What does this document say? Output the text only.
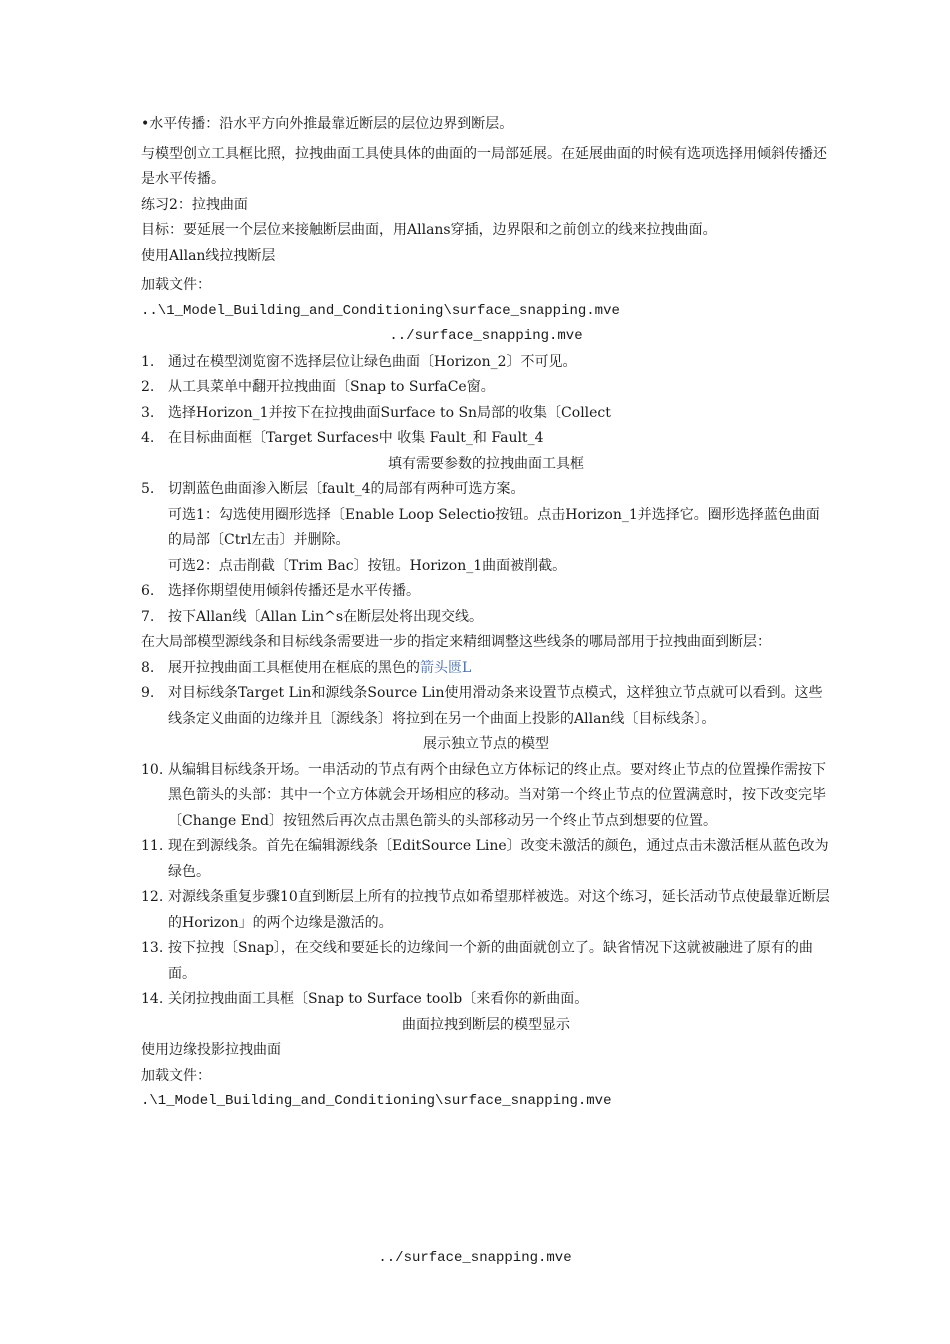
•水平传播：沿水平方向外推最靠近断层的层位边界到断层。

与模型创立工具框比照，拉拽曲面工具使具体的曲面的一局部延展。在延展曲面的时候有选项选择用倾斜传播还是水平传播。

练习2：拉拽曲面

目标：要延展一个层位来接触断层曲面，用Allans穿插，边界限和之前创立的线来拉拽曲面。

使用Allan线拉拽断层

加载文件：

..\1_Model_Building_and_Conditioning\surface_snapping.mve

../surface_snapping.mve

1. 通过在模型浏览窗不选择层位让绿色曲面〔Horizon_2〕不可见。
2. 从工具菜单中翻开拉拽曲面〔Snap to SurfaCe窗。
3. 选择Horizon_1并按下在拉拽曲面Surface to Sn局部的收集〔Collect
4. 在目标曲面框〔Target Surfaces中 收集 Fault_和 Fault_4

填有需要参数的拉拽曲面工具框

5. 切割蓝色曲面渗入断层〔fault_4的局部有两种可选方案。

可选1：勾选使用圈形选择〔Enable Loop Selectio按钮。点击Horizon_1并选择它。圈形选择蓝色曲面的局部〔Ctrl左击〕并删除。

可选2：点击削截〔Trim Bac〕按钮。Horizon_1曲面被削截。

6. 选择你期望使用倾斜传播还是水平传播。
7. 按下Allan线〔Allan Lin^s在断层处将出现交线。

在大局部模型源线条和目标线条需要进一步的指定来精细调整这些线条的哪局部用于拉拽曲面到断层：

8. 展开拉拽曲面工具框使用在框底的黑色的箭头匮L
9. 对目标线条Target Lin和源线条Source Lin使用滑动条来设置节点模式，这样独立节点就可以看到。这些线条定义曲面的边缘并且〔源线条〕将拉到在另一个曲面上投影的Allan线〔目标线条〕。

展示独立节点的模型

10. 从编辑目标线条开场。一串活动的节点有两个由绿色立方体标记的终止点。要对终止节点的位置操作需按下黑色箭头的头部：其中一个立方体就会开场相应的移动。当对第一个终止节点的位置满意时，按下改变完毕〔Change End〕按钮然后再次点击黑色箭头的头部移动另一个终止节点到想要的位置。
11. 现在到源线条。首先在编辑源线条〔EditSource Line〕改变未激活的颜色，通过点击未激活框从蓝色改为绿色。
12. 对源线条重复步骤10直到断层上所有的拉拽节点如希望那样被选。对这个练习，延长活动节点使最靠近断层的Horizon」的两个边缘是激活的。
13. 按下拉拽〔Snap〕，在交线和要延长的边缘间一个新的曲面就创立了。缺省情况下这就被融进了原有的曲面。
14. 关闭拉拽曲面工具框〔Snap to Surface toolb〔来看你的新曲面。

曲面拉拽到断层的模型显示

使用边缘投影拉拽曲面

加载文件：

.\1_Model_Building_and_Conditioning\surface_snapping.mve

../surface_snapping.mve
